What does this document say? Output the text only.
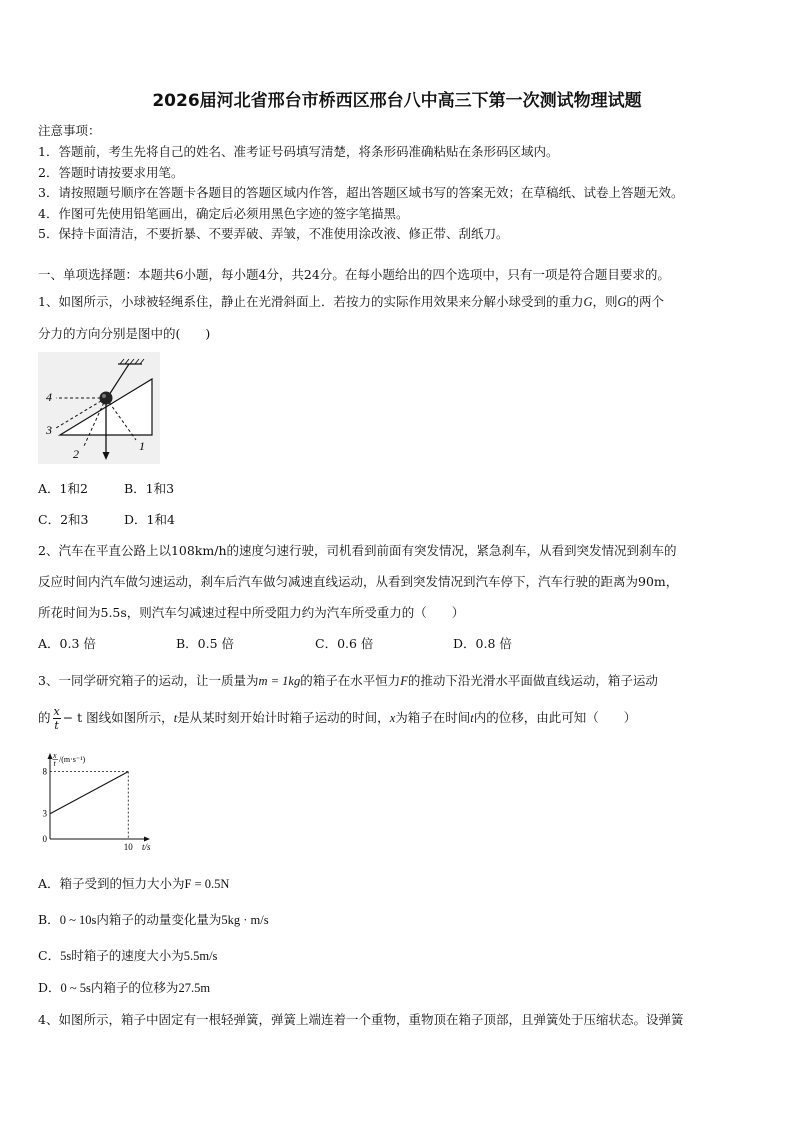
2026届河北省邢台市桥西区邢台八中高三下第一次测试物理试题
注意事项：
1．答题前，考生先将自己的姓名、准考证号码填写清楚，将条形码准确粘贴在条形码区域内。
2．答题时请按要求用笔。
3．请按照题号顺序在答题卡各题目的答题区域内作答，超出答题区域书写的答案无效；在草稿纸、试卷上答题无效。
4．作图可先使用铅笔画出，确定后必须用黑色字迹的签字笔描黑。
5．保持卡面清洁，不要折暴、不要弄破、弄皱，不准使用涂改液、修正带、刮纸刀。
一、单项选择题：本题共6小题，每小题4分，共24分。在每小题给出的四个选项中，只有一项是符合题目要求的。
1、如图所示，小球被轻绳系住，静止在光滑斜面上．若按力的实际作用效果来分解小球受到的重力G，则G的两个
分力的方向分别是图中的(　　)
4
3
2
1
A．1和2	B．1和3
C．2和3	D．1和4
2、汽车在平直公路上以108km/h的速度匀速行驶，司机看到前面有突发情况，紧急刹车，从看到突发情况到刹车的
反应时间内汽车做匀速运动，刹车后汽车做匀减速直线运动，从看到突发情况到汽车停下，汽车行驶的距离为90m，
所花时间为5.5s，则汽车匀减速过程中所受阻力约为汽车所受重力的（　　）
A．0.3 倍	B．0.5 倍	C．0.6 倍	D．0.8 倍
3、一同学研究箱子的运动，让一质量为m = 1kg的箱子在水平恒力F的推动下沿光滑水平面做直线运动，箱子运动
的 $\frac{x}{t} - t$ 图线如图所示，t是从某时刻开始计时箱子运动的时间，x为箱子在时间t内的位移，由此可知（　　）
3
8
0
10 t/s
x
t /(m·s⁻¹)
A．箱子受到的恒力大小为F = 0.5N
B．0 ~ 10s内箱子的动量变化量为5kg · m/s
C．5s时箱子的速度大小为5.5m/s
D．0 ~ 5s内箱子的位移为27.5m
4、如图所示，箱子中固定有一根轻弹簧，弹簧上端连着一个重物，重物顶在箱子顶部，且弹簧处于压缩状态。设弹簧
